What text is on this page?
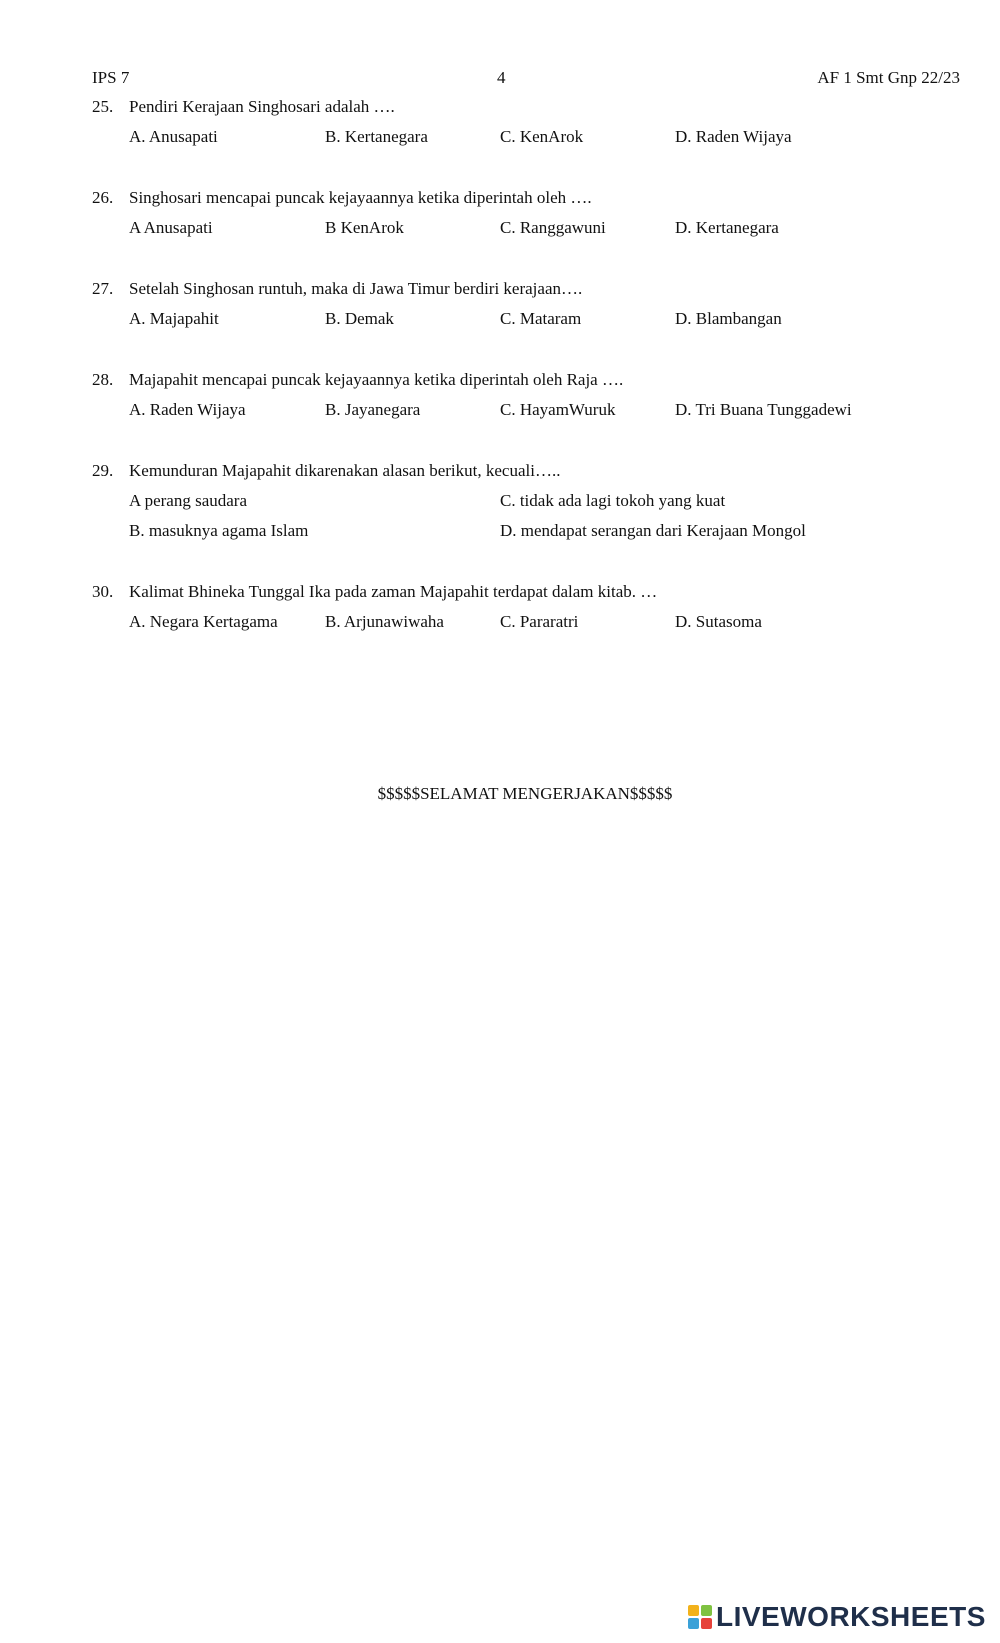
IPS 7	4	AF 1 Smt Gnp 22/23
25. Pendiri Kerajaan Singhosari adalah ….
A. Anusapati	B. Kertanegara	C. KenArok	D. Raden Wijaya
26. Singhosari mencapai puncak kejayaannya ketika diperintah oleh ….
A Anusapati	B KenArok	C. Ranggawuni	D. Kertanegara
27. Setelah Singhosan runtuh, maka di Jawa Timur berdiri kerajaan….
A. Majapahit	B. Demak	C. Mataram	D. Blambangan
28. Majapahit mencapai puncak kejayaannya ketika diperintah oleh Raja ….
A. Raden Wijaya	B. Jayanegara	C. HayamWuruk	D. Tri Buana Tunggadewi
29. Kemunduran Majapahit dikarenakan alasan berikut, kecuali…..
A perang saudara	C. tidak ada lagi tokoh yang kuat
B. masuknya agama Islam	D. mendapat serangan dari Kerajaan Mongol
30. Kalimat Bhineka Tunggal Ika pada zaman Majapahit terdapat dalam kitab. …
A. Negara Kertagama	B. Arjunawiwaha	C. Pararatri	D. Sutasoma
$$$$$SELAMAT MENGERJAKAN$$$$$
LIVEWORKSHEETS
